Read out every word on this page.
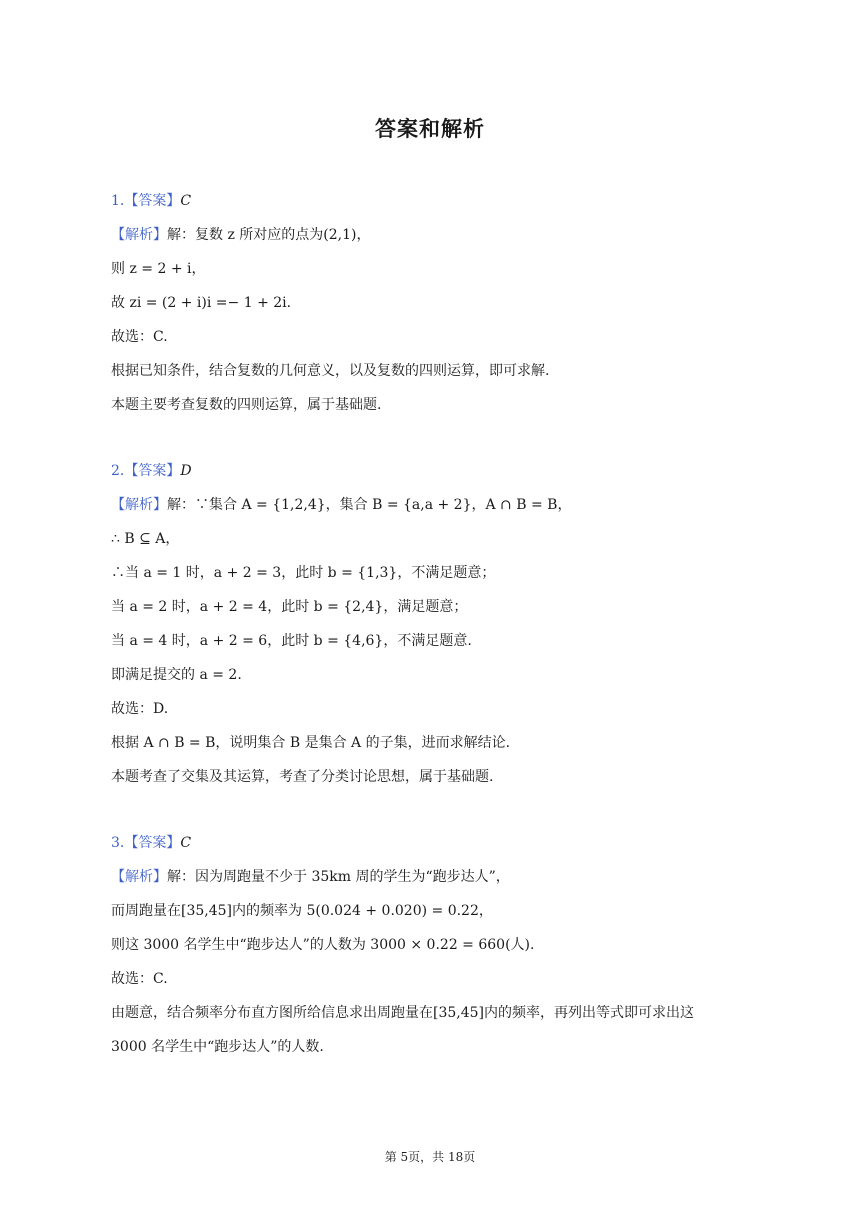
答案和解析
1.【答案】C
【解析】解：复数 z 所对应的点为(2,1)，
则 z = 2 + i，
故 zi = (2 + i)i =− 1 + 2i.
故选：C.
根据已知条件，结合复数的几何意义，以及复数的四则运算，即可求解.
本题主要考查复数的四则运算，属于基础题.
2.【答案】D
【解析】解：∵集合 A = {1,2,4}，集合 B = {a,a + 2}，A ∩ B = B，
∴ B ⊆ A，
∴当 a = 1 时，a + 2 = 3，此时 b = {1,3}，不满足题意；
当 a = 2 时，a + 2 = 4，此时 b = {2,4}，满足题意；
当 a = 4 时，a + 2 = 6，此时 b = {4,6}，不满足题意.
即满足提交的 a = 2.
故选：D.
根据 A ∩ B = B，说明集合 B 是集合 A 的子集，进而求解结论.
本题考查了交集及其运算，考查了分类讨论思想，属于基础题.
3.【答案】C
【解析】解：因为周跑量不少于 35km 周的学生为“跑步达人”，
而周跑量在[35,45]内的频率为 5(0.024 + 0.020) = 0.22，
则这 3000 名学生中“跑步达人”的人数为 3000 × 0.22 = 660(人).
故选：C.
由题意，结合频率分布直方图所给信息求出周跑量在[35,45]内的频率，再列出等式即可求出这
3000 名学生中“跑步达人”的人数.
第 5页，共 18页
